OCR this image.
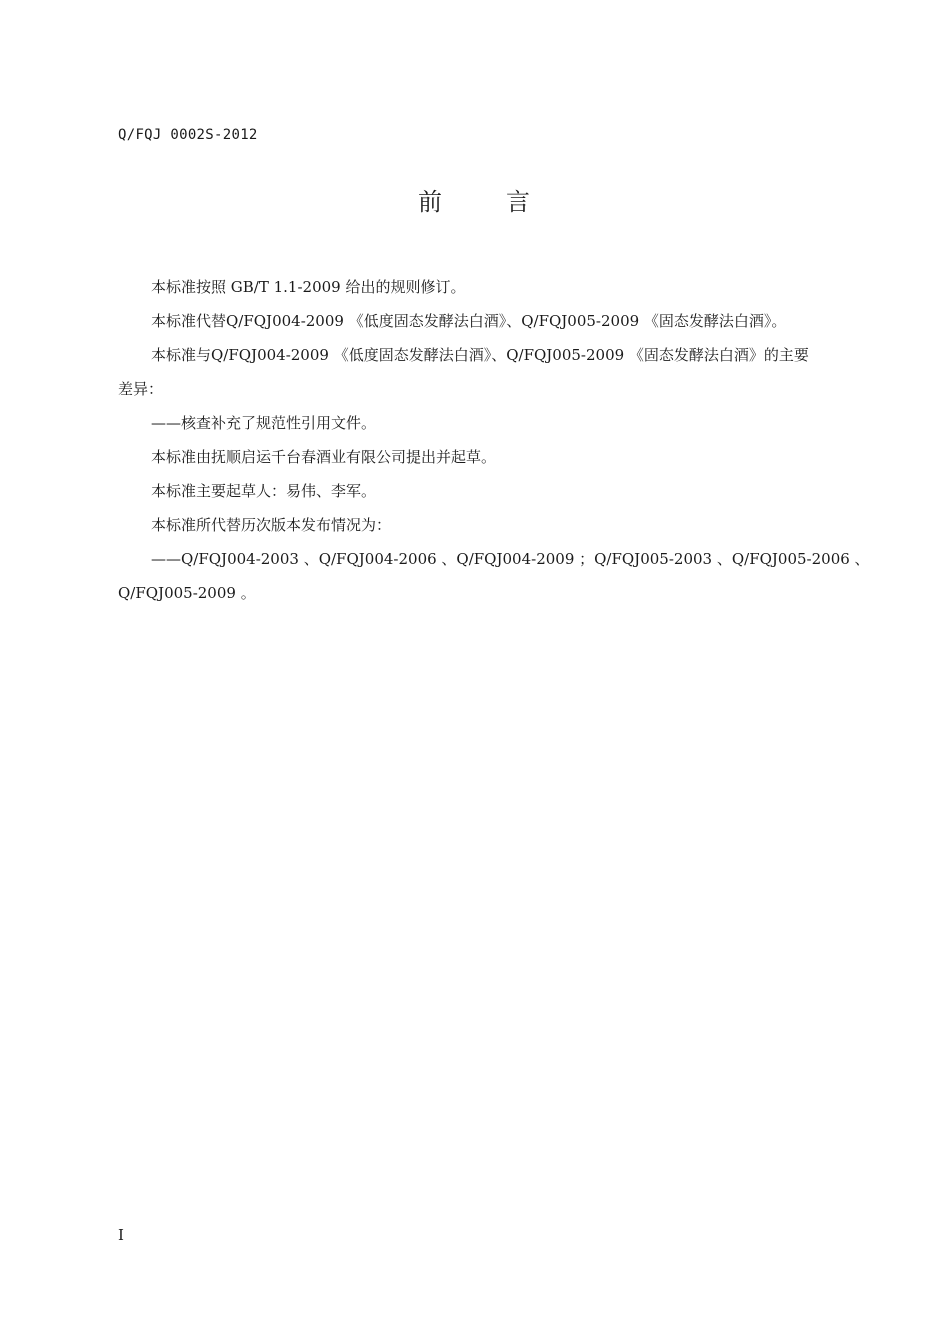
Q/FQJ 0002S-2012
前	言

本标准按照 GB/T 1.1-2009 给出的规则修订。

本标准代替Q/FQJ004-2009 《低度固态发酵法白酒》、Q/FQJ005-2009 《固态发酵法白酒》。

本标准与Q/FQJ004-2009 《低度固态发酵法白酒》、Q/FQJ005-2009 《固态发酵法白酒》的主要

差异：

——核查补充了规范性引用文件。

本标准由抚顺启运千台春酒业有限公司提出并起草。

本标准主要起草人：易伟、李军。

本标准所代替历次版本发布情况为：

——Q/FQJ004-2003 、Q/FQJ004-2006 、Q/FQJ004-2009 ；Q/FQJ005-2003 、Q/FQJ005-2006 、

Q/FQJ005-2009 。

I
